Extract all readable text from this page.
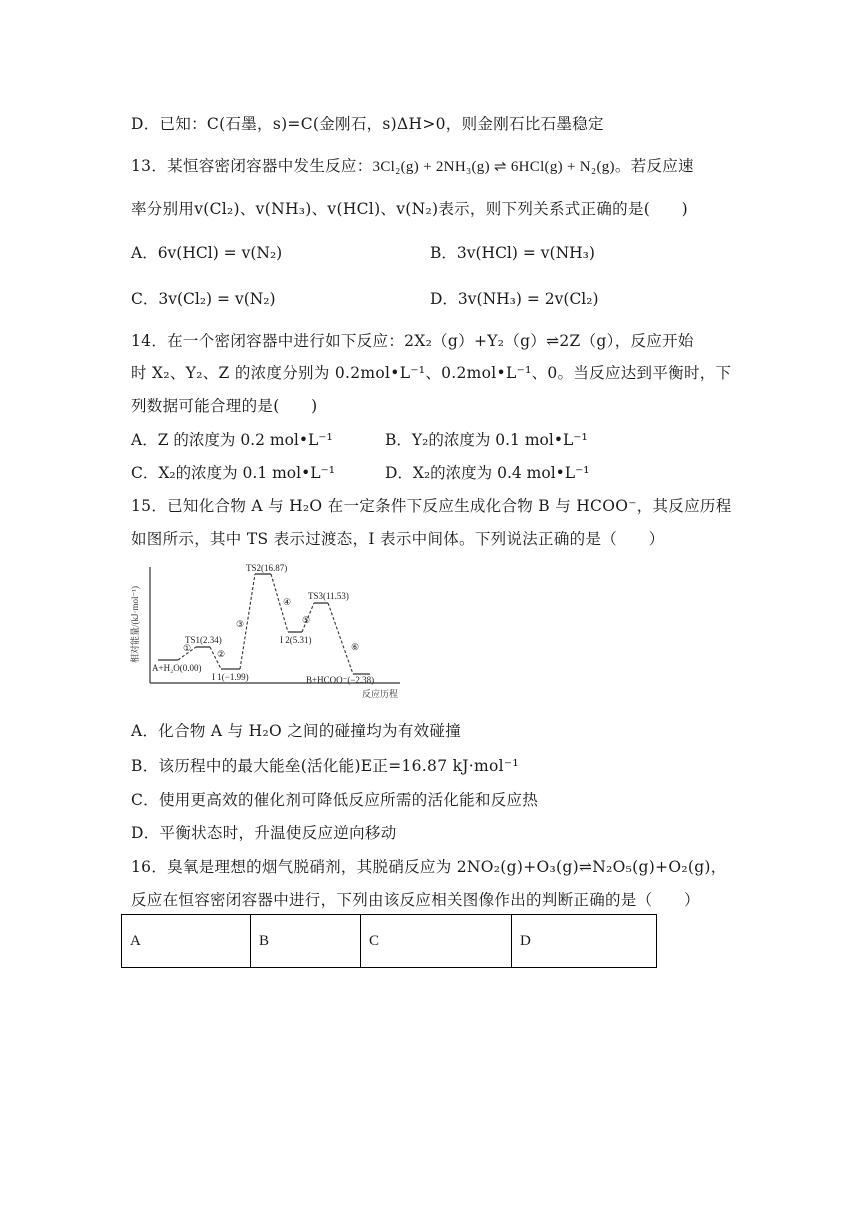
D．已知：C(石墨，s)=C(金刚石，s)ΔH>0，则金刚石比石墨稳定
13．某恒容密闭容器中发生反应：3Cl₂(g) + 2NH₃(g) ⇌ 6HCl(g) + N₂(g)。若反应速
率分别用v(Cl₂)、v(NH₃)、v(HCl)、v(N₂)表示，则下列关系式正确的是(　　)
A．6v(HCl) = v(N₂)	B．3v(HCl) = v(NH₃)
C．3v(Cl₂) = v(N₂)	D．3v(NH₃) = 2v(Cl₂)
14．在一个密闭容器中进行如下反应：2X₂（g）+Y₂（g）⇌2Z（g），反应开始
时 X₂、Y₂、Z 的浓度分别为 0.2mol•L⁻¹、0.2mol•L⁻¹、0。当反应达到平衡时，下
列数据可能合理的是(　　)
A．Z 的浓度为 0.2 mol•L⁻¹	B．Y₂的浓度为 0.1 mol•L⁻¹
C．X₂的浓度为 0.1 mol•L⁻¹	D．X₂的浓度为 0.4 mol•L⁻¹
15．已知化合物 A 与 H₂O 在一定条件下反应生成化合物 B 与 HCOO⁻，其反应历程
如图所示，其中 TS 表示过渡态，I 表示中间体。下列说法正确的是（　　）
相对能量/(kJ·mol⁻¹)
反应历程
A+H₂O(0.00)
TS1(2.34)
I 1(−1.99)
TS2(16.87)
I 2(5.31)
TS3(11.53)
B+HCOO⁻(−2.38)
①
②
③
④
⑤
⑥
A．化合物 A 与 H₂O 之间的碰撞均为有效碰撞
B．该历程中的最大能垒(活化能)E正=16.87 kJ·mol⁻¹
C．使用更高效的催化剂可降低反应所需的活化能和反应热
D．平衡状态时，升温使反应逆向移动
16．臭氧是理想的烟气脱硝剂，其脱硝反应为 2NO₂(g)+O₃(g)⇌N₂O₅(g)+O₂(g)，
反应在恒容密闭容器中进行，下列由该反应相关图像作出的判断正确的是（　　）
A	B	C	D
